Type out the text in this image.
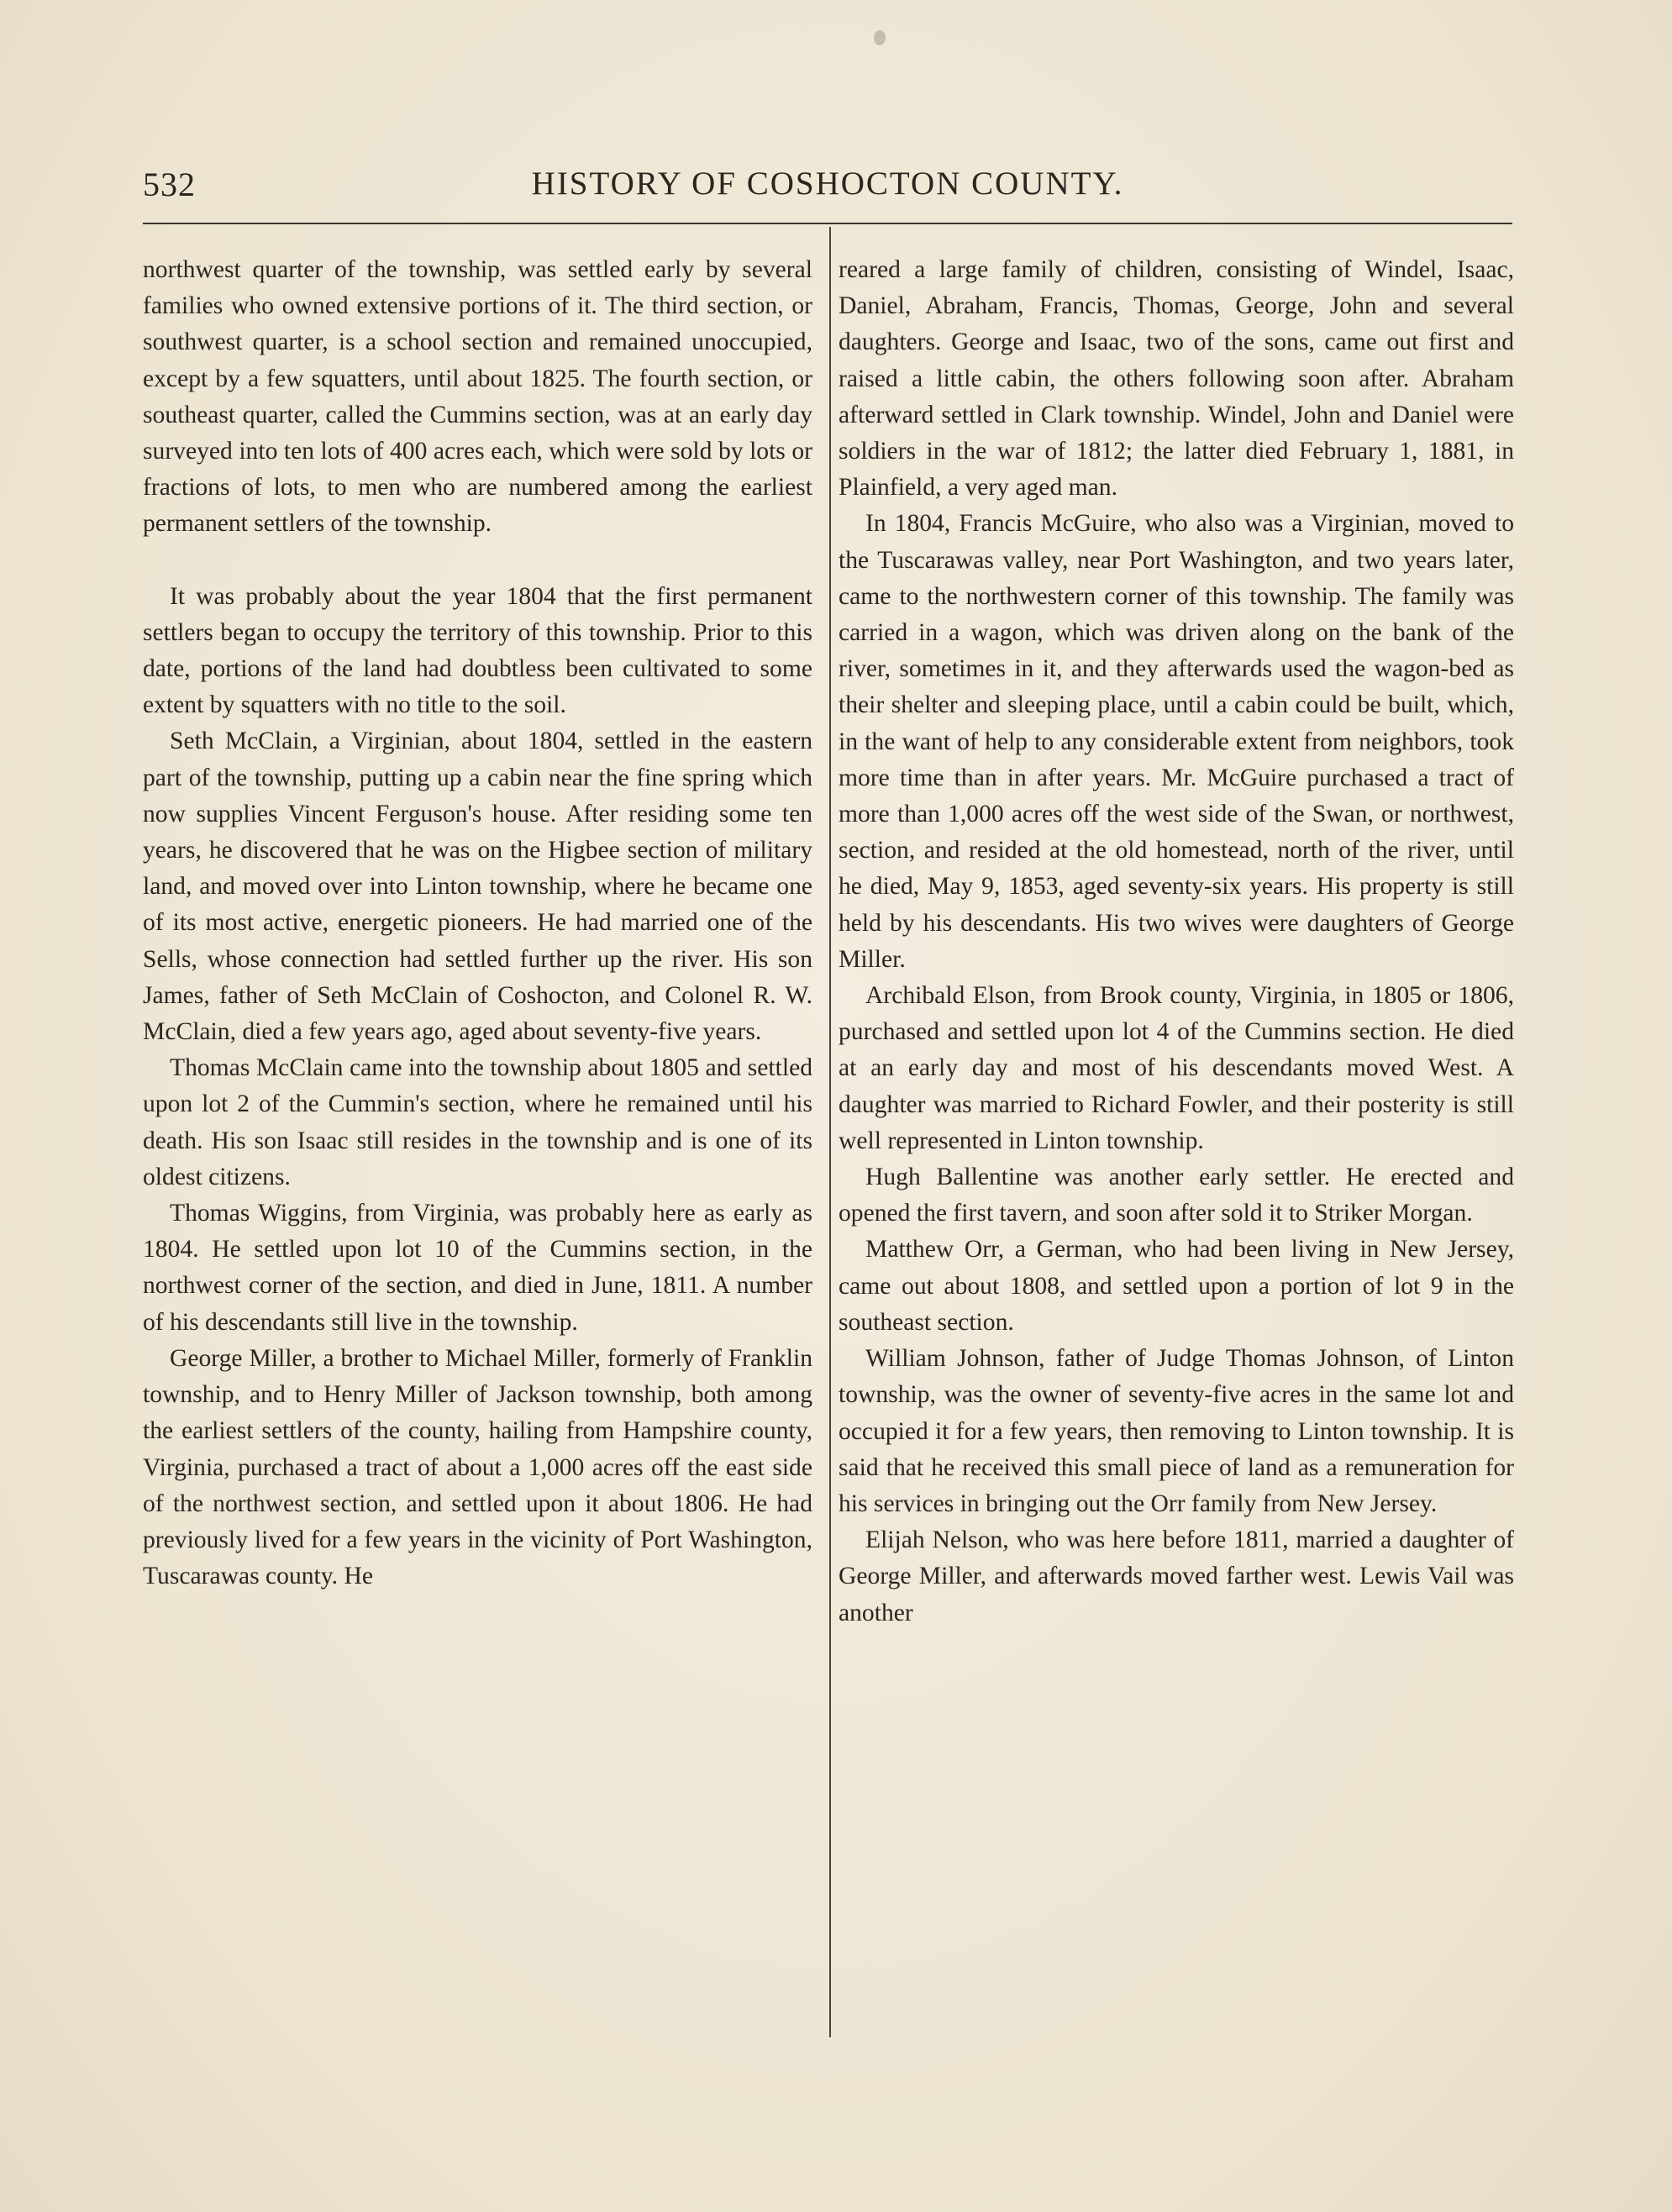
532	HISTORY OF COSHOCTON COUNTY.

northwest quarter of the township, was settled early by several families who owned extensive portions of it. The third section, or southwest quarter, is a school section and remained unoccupied, except by a few squatters, until about 1825. The fourth section, or southeast quarter, called the Cummins section, was at an early day surveyed into ten lots of 400 acres each, which were sold by lots or fractions of lots, to men who are numbered among the earliest permanent settlers of the township.

It was probably about the year 1804 that the first permanent settlers began to occupy the territory of this township. Prior to this date, portions of the land had doubtless been cultivated to some extent by squatters with no title to the soil.

Seth McClain, a Virginian, about 1804, settled in the eastern part of the township, putting up a cabin near the fine spring which now supplies Vincent Ferguson's house. After residing some ten years, he discovered that he was on the Higbee section of military land, and moved over into Linton township, where he became one of its most active, energetic pioneers. He had married one of the Sells, whose connection had settled further up the river. His son James, father of Seth McClain of Coshocton, and Colonel R. W. McClain, died a few years ago, aged about seventy-five years.

Thomas McClain came into the township about 1805 and settled upon lot 2 of the Cummin's section, where he remained until his death. His son Isaac still resides in the township and is one of its oldest citizens.

Thomas Wiggins, from Virginia, was probably here as early as 1804. He settled upon lot 10 of the Cummins section, in the northwest corner of the section, and died in June, 1811. A number of his descendants still live in the township.

George Miller, a brother to Michael Miller, formerly of Franklin township, and to Henry Miller of Jackson township, both among the earliest settlers of the county, hailing from Hampshire county, Virginia, purchased a tract of about a 1,000 acres off the east side of the northwest section, and settled upon it about 1806. He had previously lived for a few years in the vicinity of Port Washington, Tuscarawas county. He

reared a large family of children, consisting of Windel, Isaac, Daniel, Abraham, Francis, Thomas, George, John and several daughters. George and Isaac, two of the sons, came out first and raised a little cabin, the others following soon after. Abraham afterward settled in Clark township. Windel, John and Daniel were soldiers in the war of 1812; the latter died February 1, 1881, in Plainfield, a very aged man.

In 1804, Francis McGuire, who also was a Virginian, moved to the Tuscarawas valley, near Port Washington, and two years later, came to the northwestern corner of this township. The family was carried in a wagon, which was driven along on the bank of the river, sometimes in it, and they afterwards used the wagon-bed as their shelter and sleeping place, until a cabin could be built, which, in the want of help to any considerable extent from neighbors, took more time than in after years. Mr. McGuire purchased a tract of more than 1,000 acres off the west side of the Swan, or northwest, section, and resided at the old homestead, north of the river, until he died, May 9, 1853, aged seventy-six years. His property is still held by his descendants. His two wives were daughters of George Miller.

Archibald Elson, from Brook county, Virginia, in 1805 or 1806, purchased and settled upon lot 4 of the Cummins section. He died at an early day and most of his descendants moved West. A daughter was married to Richard Fowler, and their posterity is still well represented in Linton township.

Hugh Ballentine was another early settler. He erected and opened the first tavern, and soon after sold it to Striker Morgan.

Matthew Orr, a German, who had been living in New Jersey, came out about 1808, and settled upon a portion of lot 9 in the southeast section.

William Johnson, father of Judge Thomas Johnson, of Linton township, was the owner of seventy-five acres in the same lot and occupied it for a few years, then removing to Linton township. It is said that he received this small piece of land as a remuneration for his services in bringing out the Orr family from New Jersey.

Elijah Nelson, who was here before 1811, married a daughter of George Miller, and afterwards moved farther west. Lewis Vail was another
